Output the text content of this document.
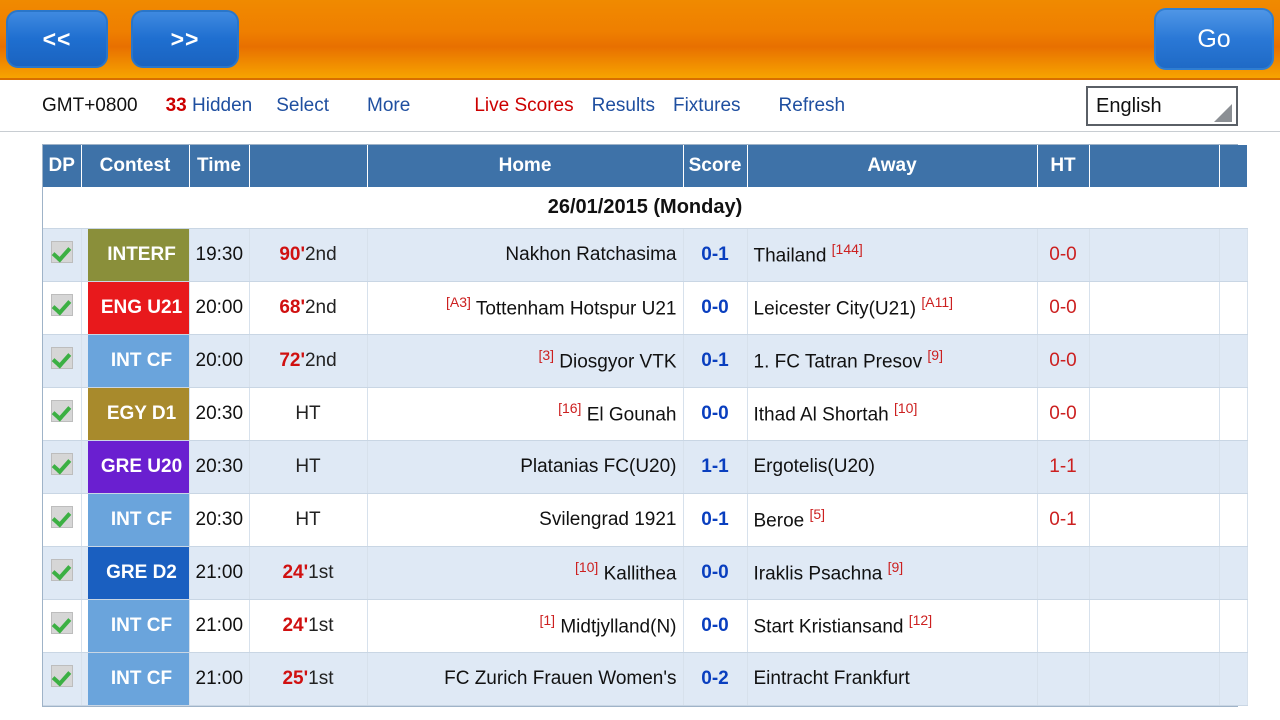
<<	>>	Go
GMT+0800 33 Hidden Select More	Live Scores Results Fixtures Refresh	English
DP	Contest	Time		Home	Score	Away	HT		
26/01/2015 (Monday)									

	INTERF	19:30	90'2nd	Nakhon Ratchasima	0-1	Thailand [144]	0-0		

	ENG U21	20:00	68'2nd	[A3] Tottenham Hotspur U21	0-0	Leicester City(U21) [A11]	0-0		

	INT CF	20:00	72'2nd	[3] Diosgyor VTK	0-1	1. FC Tatran Presov [9]	0-0		

	EGY D1	20:30	HT	[16] El Gounah	0-0	Ithad Al Shortah [10]	0-0		

	GRE U20	20:30	HT	Platanias FC(U20)	1-1	Ergotelis(U20)	1-1		

	INT CF	20:30	HT	Svilengrad 1921	0-1	Beroe [5]	0-1		

	GRE D2	21:00	24'1st	[10] Kallithea	0-0	Iraklis Psachna [9]			

	INT CF	21:00	24'1st	[1] Midtjylland(N)	0-0	Start Kristiansand [12]			

	INT CF	21:00	25'1st	FC Zurich Frauen Women's	0-2	Eintracht Frankfurt			
